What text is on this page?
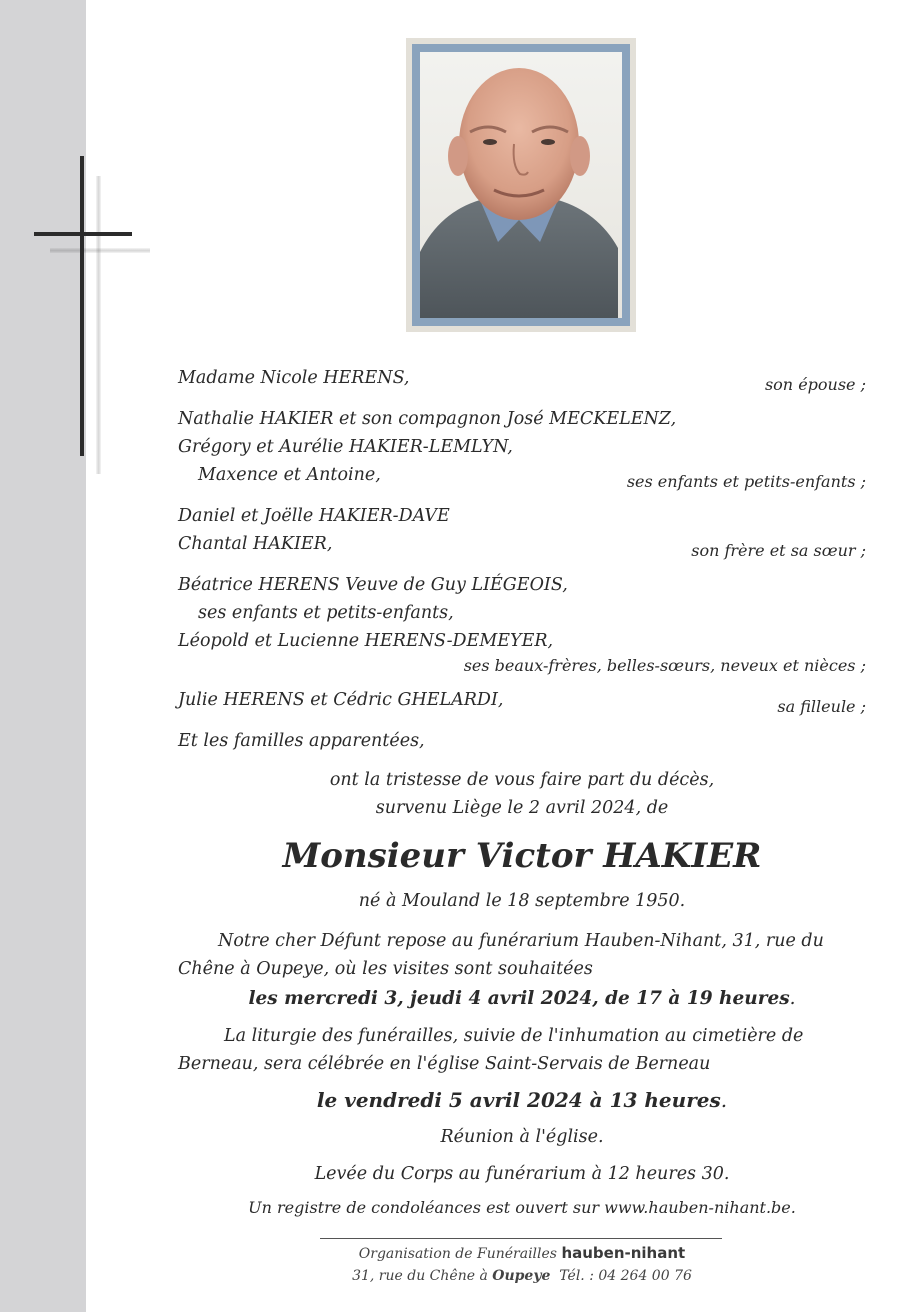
Madame Nicole HERENS,	son épouse ;
Nathalie HAKIER et son compagnon José MECKELENZ,
Grégory et Aurélie HAKIER-LEMLYN,
Maxence et Antoine,	ses enfants et petits-enfants ;
Daniel et Joëlle HAKIER-DAVE
Chantal HAKIER,	son frère et sa sœur ;
Béatrice HERENS Veuve de Guy LIÉGEOIS,
ses enfants et petits-enfants,
Léopold et Lucienne HERENS-DEMEYER,
ses beaux-frères, belles-sœurs, neveux et nièces ;
Julie HERENS et Cédric GHELARDI,	sa filleule ;
Et les familles apparentées,
ont la tristesse de vous faire part du décès,
survenu Liège le 2 avril 2024, de
Monsieur Victor HAKIER
né à Mouland le 18 septembre 1950.
Notre cher Défunt repose au funérarium Hauben-Nihant, 31, rue du
Chêne à Oupeye, où les visites sont souhaitées
les mercredi 3, jeudi 4 avril 2024, de 17 à 19 heures.
La liturgie des funérailles, suivie de l'inhumation au cimetière de
Berneau, sera célébrée en l'église Saint-Servais de Berneau
le vendredi 5 avril 2024 à 13 heures.
Réunion à l'église.
Levée du Corps au funérarium à 12 heures 30.
Un registre de condoléances est ouvert sur www.hauben-nihant.be.
Organisation de Funérailles hauben-nihant
31, rue du Chêne à Oupeye Tél. : 04 264 00 76
